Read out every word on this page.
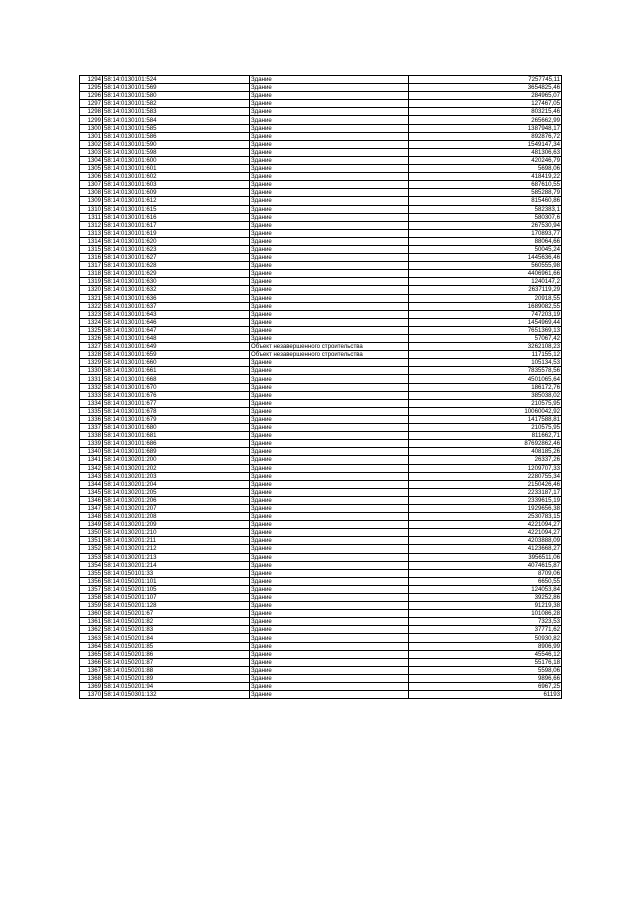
1294	58:14:0130101:524	Здание	7257745,11
1295	58:14:0130101:569	Здание	3654825,46
1296	58:14:0130101:580	Здание	284965,07
1297	58:14:0130101:582	Здание	127467,05
1298	58:14:0130101:583	Здание	803215,46
1299	58:14:0130101:584	Здание	265662,99
1300	58:14:0130101:585	Здание	1387948,17
1301	58:14:0130101:586	Здание	892876,72
1302	58:14:0130101:590	Здание	1549147,34
1303	58:14:0130101:598	Здание	481306,63
1304	58:14:0130101:600	Здание	420246,79
1305	58:14:0130101:601	Здание	5698,06
1306	58:14:0130101:602	Здание	418419,22
1307	58:14:0130101:603	Здание	687610,55
1308	58:14:0130101:609	Здание	585288,79
1309	58:14:0130101:612	Здание	815460,86
1310	58:14:0130101:615	Здание	582383,1
1311	58:14:0130101:616	Здание	580307,6
1312	58:14:0130101:617	Здание	267530,94
1313	58:14:0130101:619	Здание	170893,77
1314	58:14:0130101:620	Здание	88064,66
1315	58:14:0130101:623	Здание	50045,24
1316	58:14:0130101:627	Здание	1445636,46
1317	58:14:0130101:628	Здание	560555,98
1318	58:14:0130101:629	Здание	4406961,66
1319	58:14:0130101:630	Здание	1240147,2
1320	58:14:0130101:632	Здание	2637119,29
1321	58:14:0130101:636	Здание	20918,55
1322	58:14:0130101:637	Здание	1689082,55
1323	58:14:0130101:643	Здание	747203,19
1324	58:14:0130101:646	Здание	1454969,44
1325	58:14:0130101:647	Здание	7651369,13
1326	58:14:0130101:648	Здание	57067,42
1327	58:14:0130101:649	Объект незавершенного строительства	3262108,23
1328	58:14:0130101:659	Объект незавершенного строительства	117155,12
1329	58:14:0130101:660	Здание	105134,53
1330	58:14:0130101:661	Здание	7835578,56
1331	58:14:0130101:668	Здание	4501065,64
1332	58:14:0130101:670	Здание	186172,76
1333	58:14:0130101:676	Здание	385038,02
1334	58:14:0130101:677	Здание	210575,95
1335	58:14:0130101:678	Здание	10060042,92
1336	58:14:0130101:679	Здание	1417588,81
1337	58:14:0130101:680	Здание	210575,95
1338	58:14:0130101:681	Здание	811662,71
1339	58:14:0130101:686	Здание	87692862,46
1340	58:14:0130101:689	Здание	408185,26
1341	58:14:0130201:200	Здание	26337,26
1342	58:14:0130201:202	Здание	1209707,33
1343	58:14:0130201:203	Здание	2280755,34
1344	58:14:0130201:204	Здание	2150426,46
1345	58:14:0130201:205	Здание	2233187,17
1346	58:14:0130201:206	Здание	2339615,19
1347	58:14:0130201:207	Здание	1929656,38
1348	58:14:0130201:208	Здание	2530783,15
1349	58:14:0130201:209	Здание	4221094,27
1350	58:14:0130201:210	Здание	4221094,27
1351	58:14:0130201:211	Здание	4203888,09
1352	58:14:0130201:212	Здание	4123668,27
1353	58:14:0130201:213	Здание	3956511,06
1354	58:14:0130201:214	Здание	4074615,87
1355	58:14:0150101:33	Здание	8709,06
1356	58:14:0150201:101	Здание	6650,55
1357	58:14:0150201:105	Здание	124053,84
1358	58:14:0150201:107	Здание	39252,86
1359	58:14:0150201:128	Здание	91219,38
1360	58:14:0150201:67	Здание	101086,28
1361	58:14:0150201:82	Здание	7323,53
1362	58:14:0150201:83	Здание	37771,62
1363	58:14:0150201:84	Здание	50930,82
1364	58:14:0150201:85	Здание	8906,99
1365	58:14:0150201:86	Здание	45546,12
1366	58:14:0150201:87	Здание	55176,18
1367	58:14:0150201:88	Здание	5598,06
1368	58:14:0150201:89	Здание	9896,66
1369	58:14:0150201:94	Здание	6967,25
1370	58:14:0150301:132	Здание	61193
